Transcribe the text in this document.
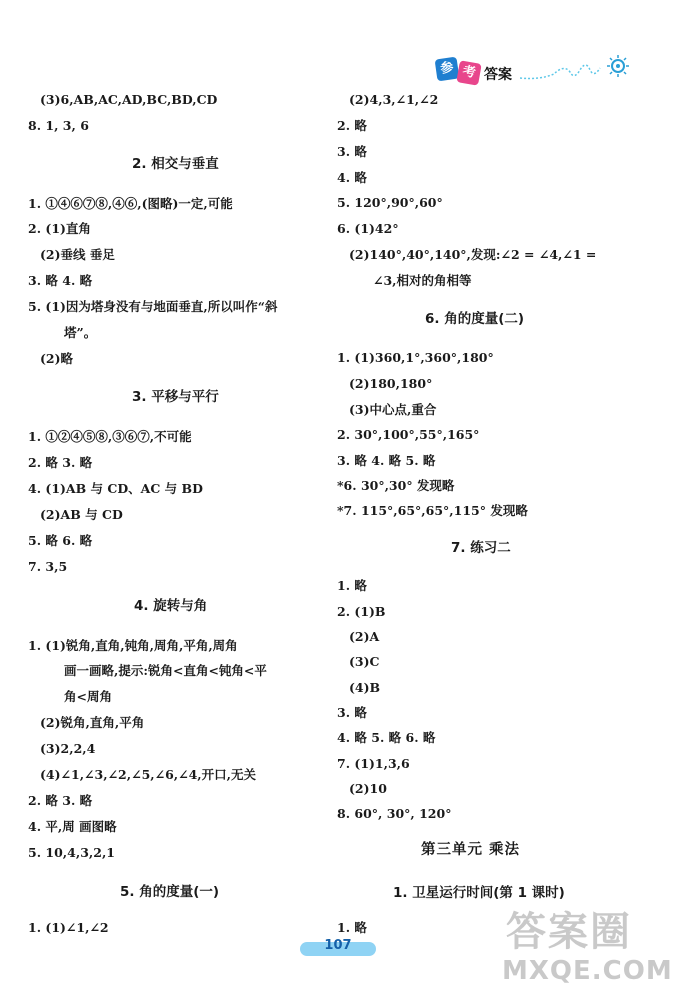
参 考 答案
(3)6,AB,AC,AD,BC,BD,CD
8. 1, 3, 6
2. 相交与垂直
1. ①④⑥⑦⑧,④⑥,(图略)一定,可能
2. (1)直角
(2)垂线 垂足
3. 略 4. 略
5. (1)因为塔身没有与地面垂直,所以叫作“斜
塔”。
(2)略
3. 平移与平行
1. ①②④⑤⑧,③⑥⑦,不可能
2. 略 3. 略
4. (1)AB 与 CD、AC 与 BD
(2)AB 与 CD
5. 略 6. 略
7. 3,5
4. 旋转与角
1. (1)锐角,直角,钝角,周角,平角,周角
画一画略,提示:锐角<直角<钝角<平
角<周角
(2)锐角,直角,平角
(3)2,2,4
(4)∠1,∠3,∠2,∠5,∠6,∠4,开口,无关
2. 略 3. 略
4. 平,周 画图略
5. 10,4,3,2,1
5. 角的度量(一)
1. (1)∠1,∠2
(2)4,3,∠1,∠2
2. 略
3. 略
4. 略
5. 120°,90°,60°
6. (1)42°
(2)140°,40°,140°,发现:∠2 = ∠4,∠1 =
∠3,相对的角相等
6. 角的度量(二)
1. (1)360,1°,360°,180°
(2)180,180°
(3)中心点,重合
2. 30°,100°,55°,165°
3. 略 4. 略 5. 略
*6. 30°,30° 发现略
*7. 115°,65°,65°,115° 发现略
7. 练习二
1. 略
2. (1)B
(2)A
(3)C
(4)B
3. 略
4. 略 5. 略 6. 略
7. (1)1,3,6
(2)10
8. 60°, 30°, 120°
第三单元 乘法
1. 卫星运行时间(第 1 课时)
1. 略
107	答案圈
MXQE.COM
